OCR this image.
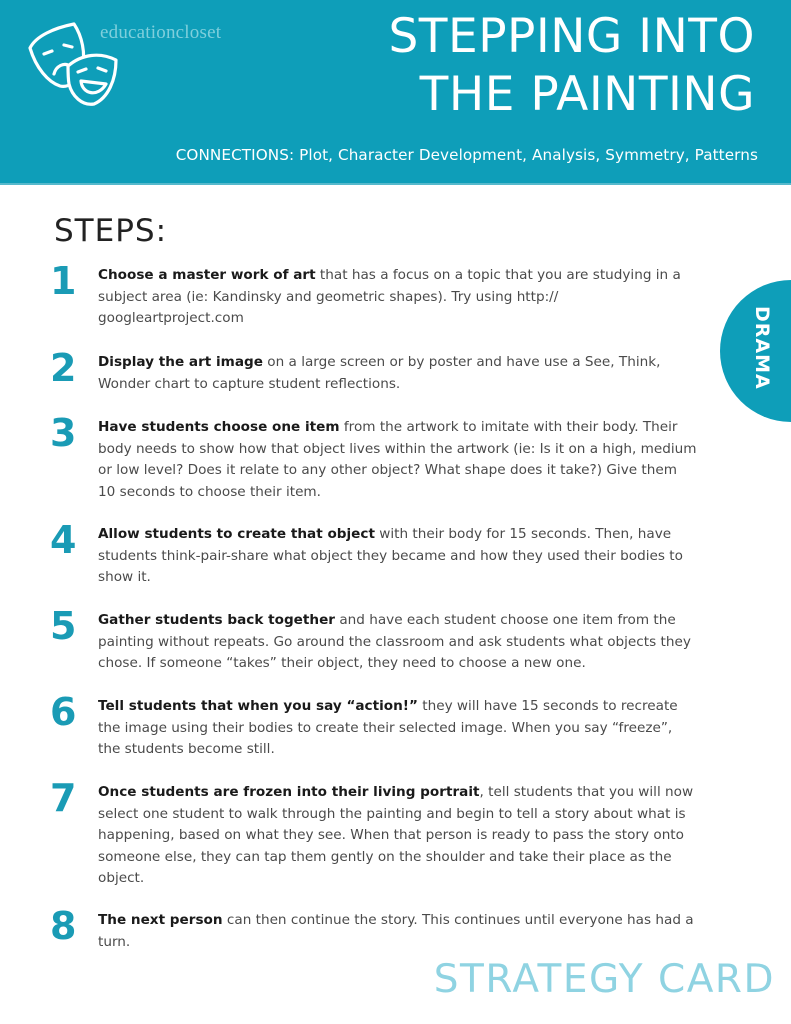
educationcloset	STEPPING INTO
THE PAINTING
CONNECTIONS: Plot, Character Development, Analysis, Symmetry, Patterns
DRAMA
STEPS:
1	Choose a master work of art that has a focus on a topic that you are studying in a subject area (ie: Kandinsky and geometric shapes). Try using http:// googleartproject.com
2	Display the art image on a large screen or by poster and have use a See, Think, Wonder chart to capture student reflections.
3	Have students choose one item from the artwork to imitate with their body. Their body needs to show how that object lives within the artwork (ie: Is it on a high, medium or low level? Does it relate to any other object? What shape does it take?) Give them 10 seconds to choose their item.
4	Allow students to create that object with their body for 15 seconds. Then, have students think-pair-share what object they became and how they used their bodies to show it.
5	Gather students back together and have each student choose one item from the painting without repeats. Go around the classroom and ask students what objects they chose. If someone “takes” their object, they need to choose a new one.
6	Tell students that when you say “action!” they will have 15 seconds to recreate the image using their bodies to create their selected image. When you say “freeze”, the students become still.
7	Once students are frozen into their living portrait, tell students that you will now select one student to walk through the painting and begin to tell a story about what is happening, based on what they see. When that person is ready to pass the story onto someone else, they can tap them gently on the shoulder and take their place as the object.
8	The next person can then continue the story. This continues until everyone has had a turn.
STRATEGY CARD
